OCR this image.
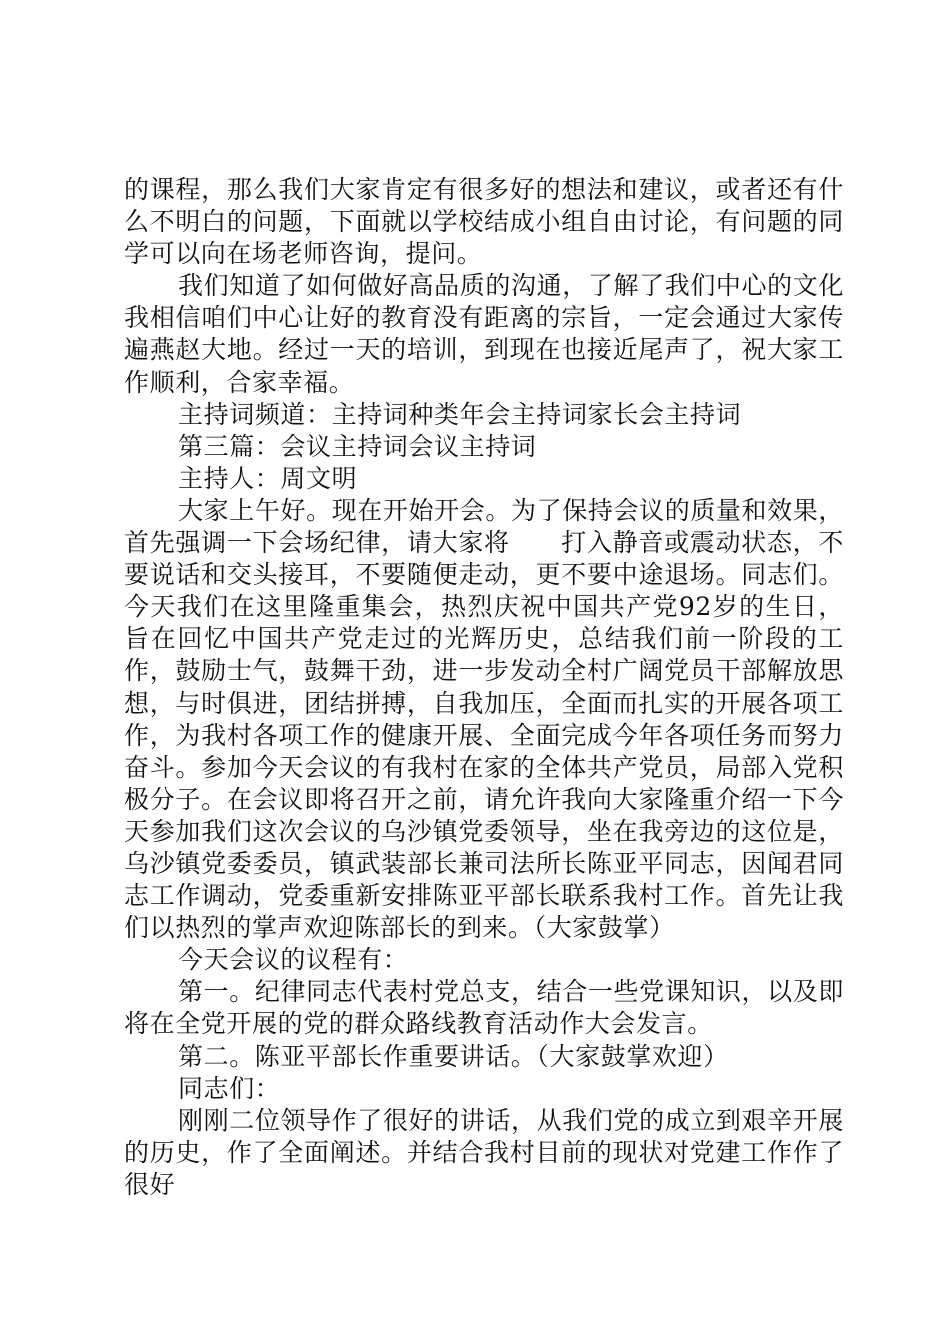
的课程，那么我们大家肯定有很多好的想法和建议，或者还有什么不明白的问题，下面就以学校结成小组自由讨论，有问题的同学可以向在场老师咨询，提问。

我们知道了如何做好高品质的沟通，了解了我们中心的文化我相信咱们中心让好的教育没有距离的宗旨，一定会通过大家传遍燕赵大地。经过一天的培训，到现在也接近尾声了，祝大家工作顺利，合家幸福。

主持词频道：主持词种类年会主持词家长会主持词

第三篇：会议主持词会议主持词

主持人：周文明

大家上午好。现在开始开会。为了保持会议的质量和效果，首先强调一下会场纪律，请大家将　　打入静音或震动状态，不要说话和交头接耳，不要随便走动，更不要中途退场。同志们。今天我们在这里隆重集会，热烈庆祝中国共产党92岁的生日，旨在回忆中国共产党走过的光辉历史，总结我们前一阶段的工作，鼓励士气，鼓舞干劲，进一步发动全村广阔党员干部解放思想，与时俱进，团结拼搏，自我加压，全面而扎实的开展各项工作，为我村各项工作的健康开展、全面完成今年各项任务而努力奋斗。参加今天会议的有我村在家的全体共产党员，局部入党积极分子。在会议即将召开之前，请允许我向大家隆重介绍一下今天参加我们这次会议的乌沙镇党委领导，坐在我旁边的这位是，乌沙镇党委委员，镇武装部长兼司法所长陈亚平同志，因闻君同志工作调动，党委重新安排陈亚平部长联系我村工作。首先让我们以热烈的掌声欢迎陈部长的到来。（大家鼓掌）

今天会议的议程有：

第一。纪律同志代表村党总支，结合一些党课知识，以及即将在全党开展的党的群众路线教育活动作大会发言。

第二。陈亚平部长作重要讲话。（大家鼓掌欢迎）

同志们：

刚刚二位领导作了很好的讲话，从我们党的成立到艰辛开展的历史，作了全面阐述。并结合我村目前的现状对党建工作作了很好
